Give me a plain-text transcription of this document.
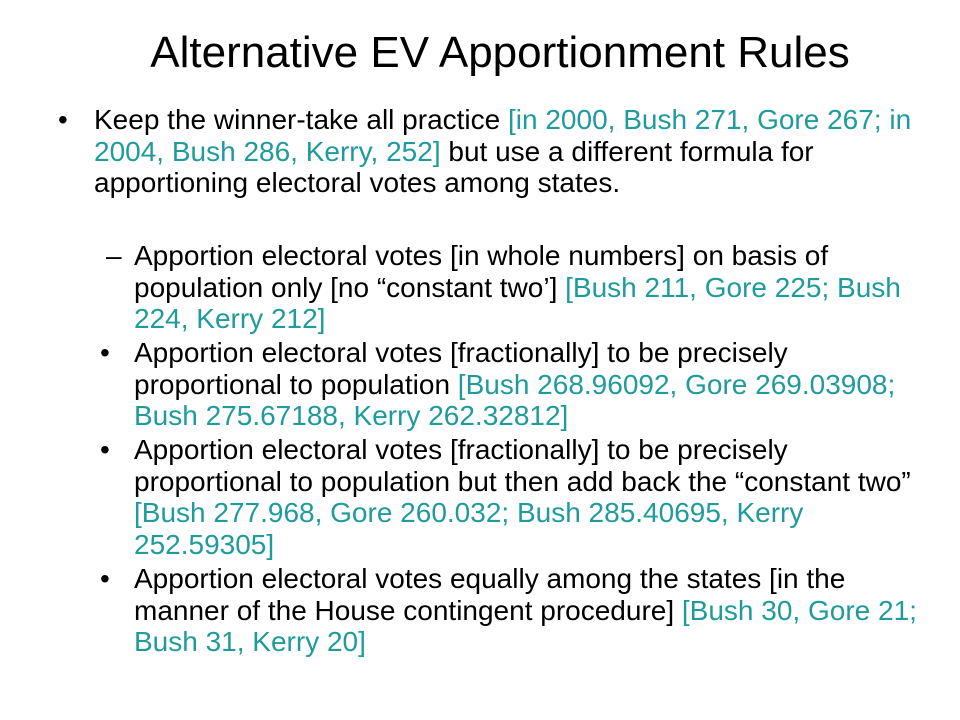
Alternative EV Apportionment Rules
• Keep the winner-take all practice [in 2000, Bush 271, Gore 267; in 2004, Bush 286, Kerry, 252] but use a different formula for apportioning electoral votes among states.
– Apportion electoral votes [in whole numbers] on basis of population only [no “constant two’] [Bush 211, Gore 225; Bush 224, Kerry 212]
• Apportion electoral votes [fractionally] to be precisely proportional to population [Bush 268.96092, Gore 269.03908; Bush 275.67188, Kerry 262.32812]
• Apportion electoral votes [fractionally] to be precisely proportional to population but then add back the “constant two” [Bush 277.968, Gore 260.032; Bush 285.40695, Kerry 252.59305]
• Apportion electoral votes equally among the states [in the manner of the House contingent procedure] [Bush 30, Gore 21; Bush 31, Kerry 20]
